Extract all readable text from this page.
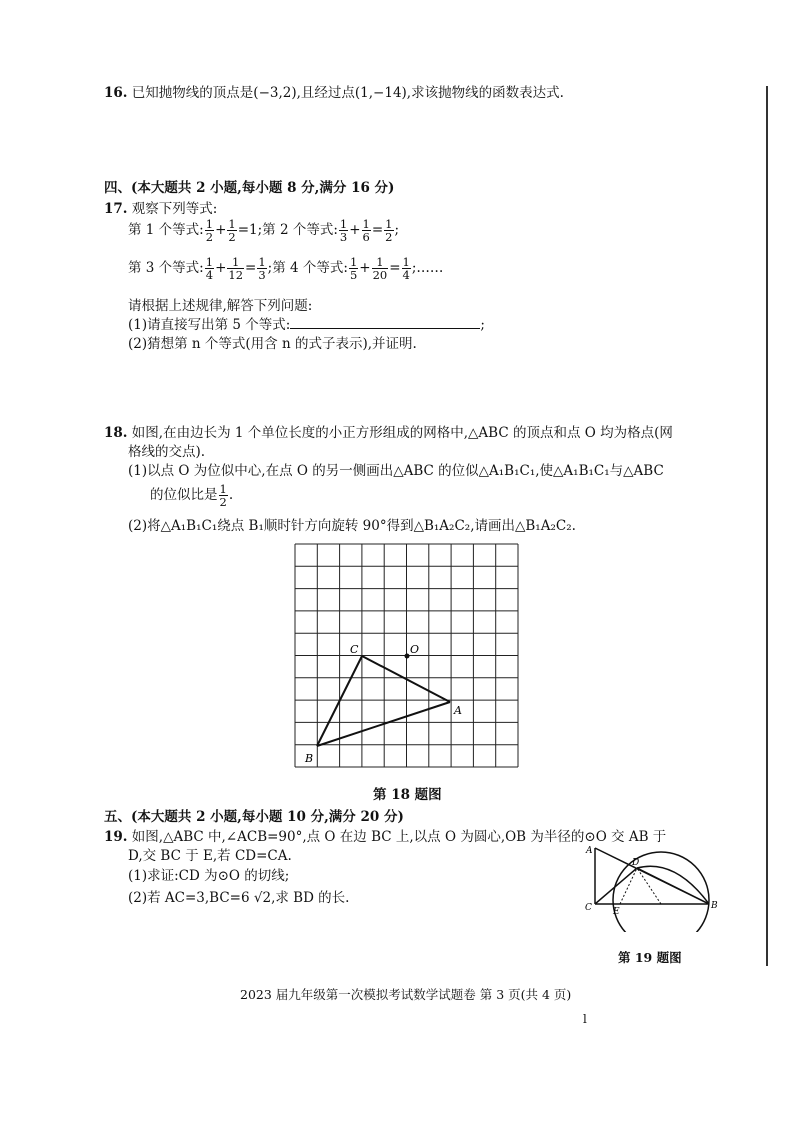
16. 已知抛物线的顶点是(−3,2),且经过点(1,−14),求该抛物线的函数表达式.
四、(本大题共 2 小题,每小题 8 分,满分 16 分)
17. 观察下列等式:
第 1 个等式: $\frac{1}{2} + \frac{1}{2} =1$;第 2 个等式: $\frac{1}{3} + \frac{1}{6} = \frac{1}{2}$ ;
第 3 个等式: $\frac{1}{4} + \frac{1}{12} = \frac{1}{3}$ ;第 4 个等式: $\frac{1}{5} + \frac{1}{20} = \frac{1}{4}$ ;……
请根据上述规律,解答下列问题:
(1)请直接写出第 5 个等式:	;
(2)猜想第 n 个等式(用含 n 的式子表示),并证明.
18. 如图,在由边长为 1 个单位长度的小正方形组成的网格中,△ABC 的顶点和点 O 均为格点(网
格线的交点).
(1)以点 O 为位似中心,在点 O 的另一侧画出△ABC 的位似△A₁B₁C₁,使△A₁B₁C₁与△ABC
的位似比是 $\frac{1}{2}$ .
(2)将△A₁B₁C₁绕点 B₁顺时针方向旋转 90°得到△B₁A₂C₂,请画出△B₁A₂C₂.
C	O
A
B
第 18 题图
五、(本大题共 2 小题,每小题 10 分,满分 20 分)
19. 如图,△ABC 中,∠ACB=90°,点 O 在边 BC 上,以点 O 为圆心,OB 为半径的⊙O 交 AB 于
D,交 BC 于 E,若 CD=CA.
(1)求证:CD 为⊙O 的切线;
(2)若 AC=3,BC=6 √2,求 BD 的长.
A
D
C E
B
第 19 题图
2023 届九年级第一次模拟考试数学试题卷 第 3 页(共 4 页)
l
